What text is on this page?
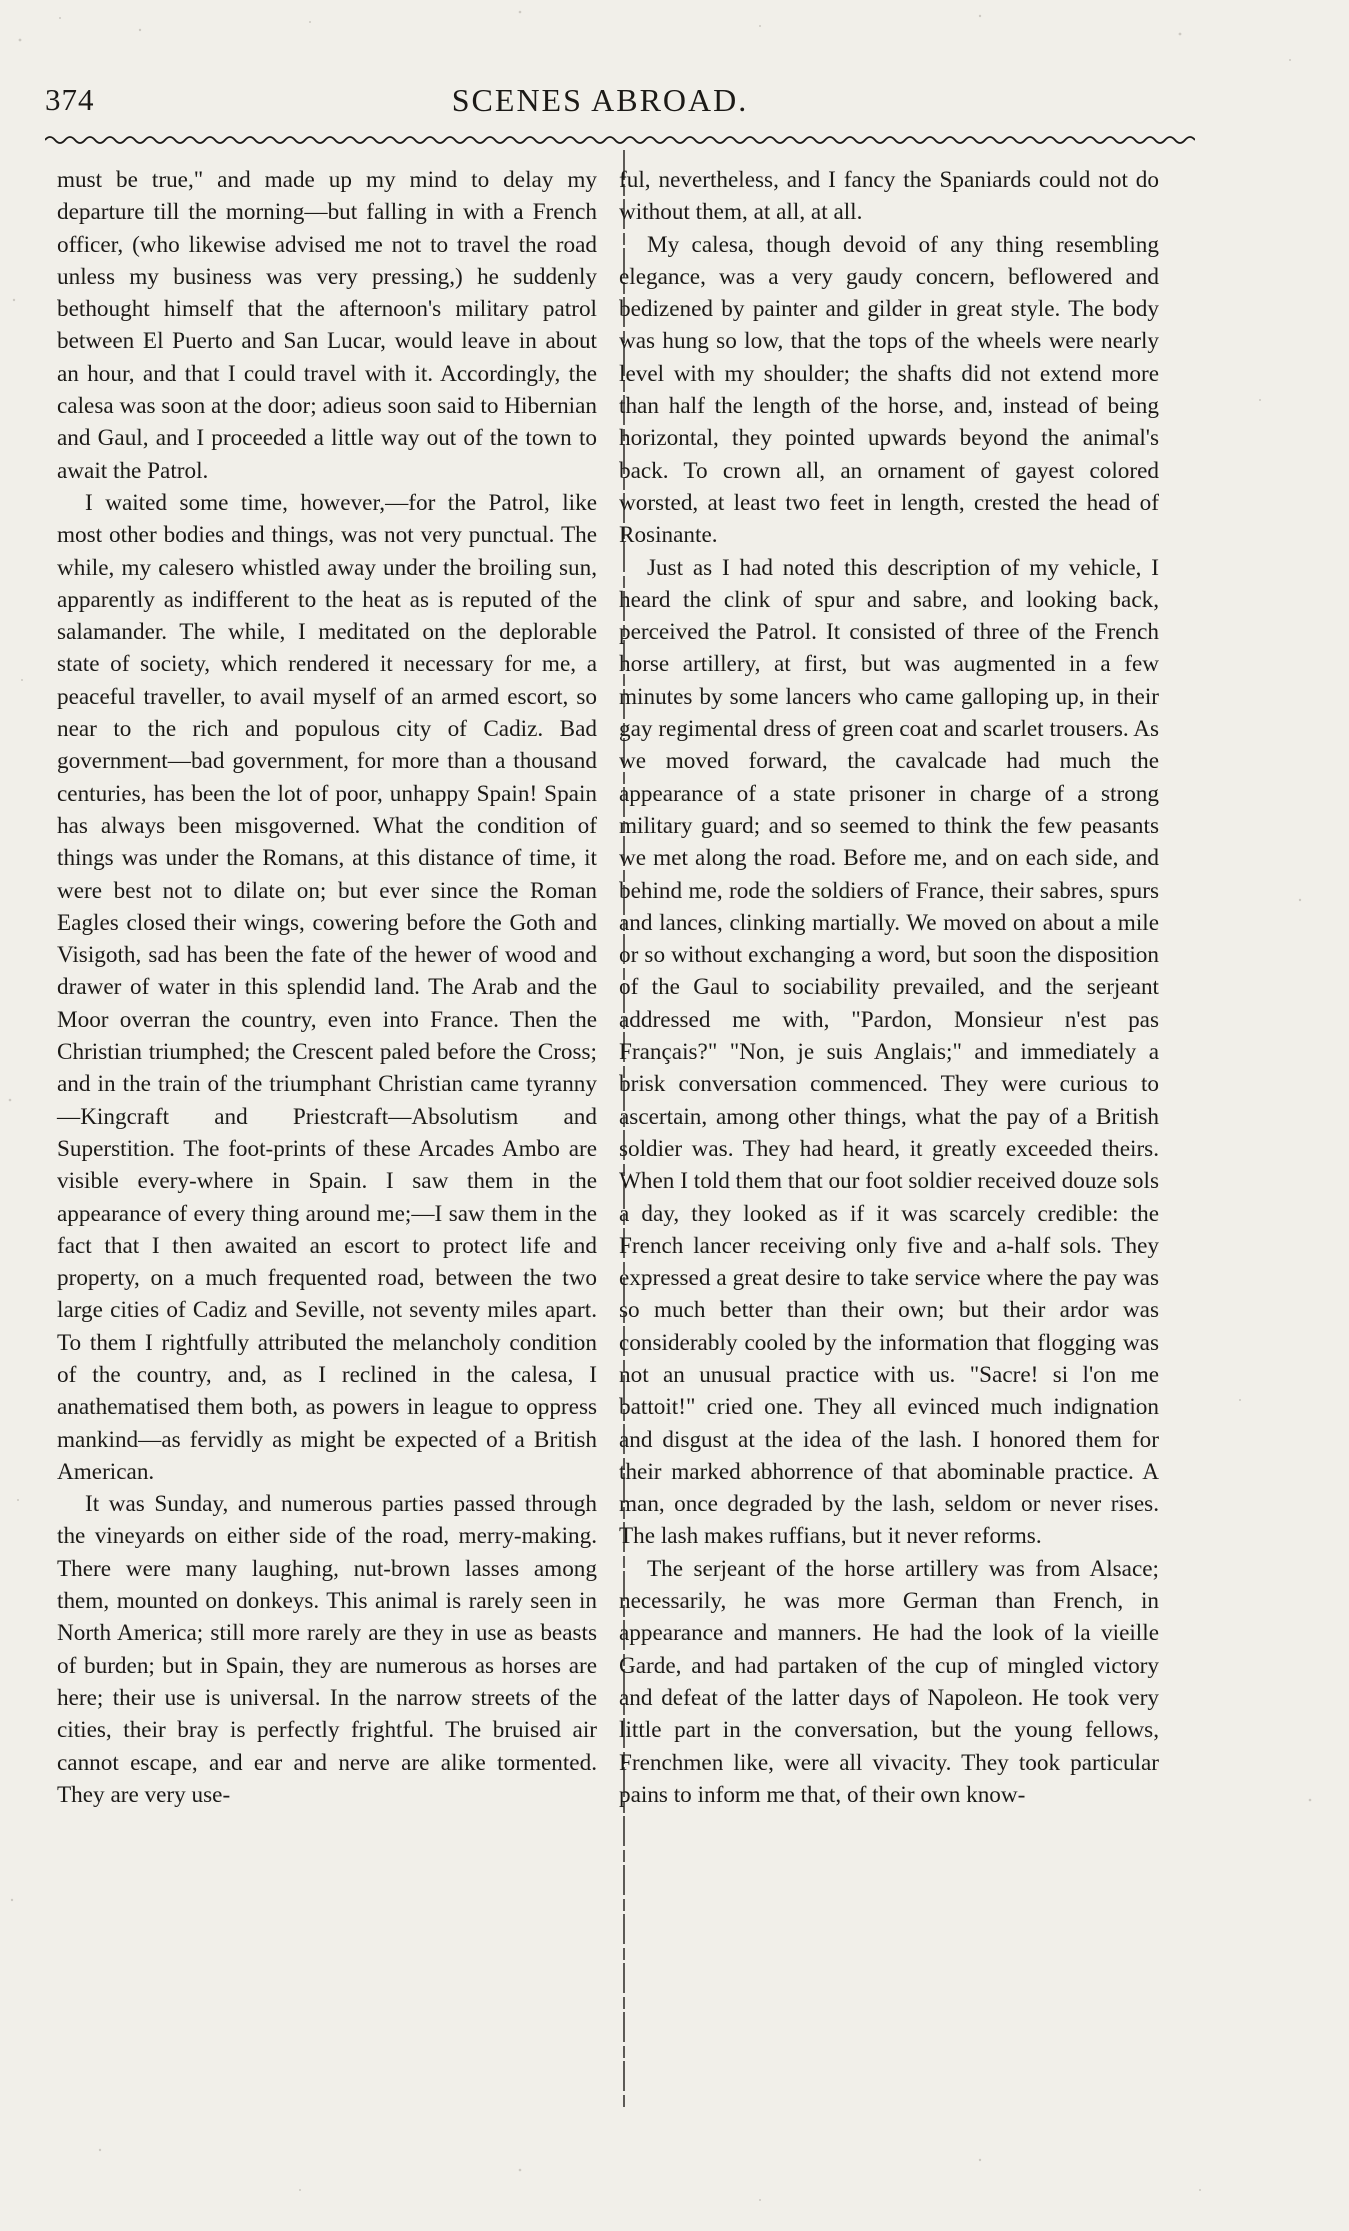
374	SCENES ABROAD.

must be true," and made up my mind to delay my departure till the morning—but falling in with a French officer, (who likewise advised me not to travel the road unless my business was very pressing,) he suddenly bethought himself that the afternoon's military patrol between El Puerto and San Lucar, would leave in about an hour, and that I could travel with it. Accordingly, the calesa was soon at the door; adieus soon said to Hibernian and Gaul, and I proceeded a little way out of the town to await the Patrol.

I waited some time, however,—for the Patrol, like most other bodies and things, was not very punctual. The while, my calesero whistled away under the broiling sun, apparently as indifferent to the heat as is reputed of the salamander. The while, I meditated on the deplorable state of society, which rendered it necessary for me, a peaceful traveller, to avail myself of an armed escort, so near to the rich and populous city of Cadiz. Bad government—bad government, for more than a thousand centuries, has been the lot of poor, unhappy Spain! Spain has always been misgoverned. What the condition of things was under the Romans, at this distance of time, it were best not to dilate on; but ever since the Roman Eagles closed their wings, cowering before the Goth and Visigoth, sad has been the fate of the hewer of wood and drawer of water in this splendid land. The Arab and the Moor overran the country, even into France. Then the Christian triumphed; the Crescent paled before the Cross; and in the train of the triumphant Christian came tyranny—Kingcraft and Priestcraft—Absolutism and Superstition. The foot-prints of these Arcades Ambo are visible every-where in Spain. I saw them in the appearance of every thing around me;—I saw them in the fact that I then awaited an escort to protect life and property, on a much frequented road, between the two large cities of Cadiz and Seville, not seventy miles apart. To them I rightfully attributed the melancholy condition of the country, and, as I reclined in the calesa, I anathematised them both, as powers in league to oppress mankind—as fervidly as might be expected of a British American.

It was Sunday, and numerous parties passed through the vineyards on either side of the road, merry-making. There were many laughing, nut-brown lasses among them, mounted on donkeys. This animal is rarely seen in North America; still more rarely are they in use as beasts of burden; but in Spain, they are numerous as horses are here; their use is universal. In the narrow streets of the cities, their bray is perfectly frightful. The bruised air cannot escape, and ear and nerve are alike tormented. They are very use-

ful, nevertheless, and I fancy the Spaniards could not do without them, at all, at all.

My calesa, though devoid of any thing resembling elegance, was a very gaudy concern, beflowered and bedizened by painter and gilder in great style. The body was hung so low, that the tops of the wheels were nearly level with my shoulder; the shafts did not extend more than half the length of the horse, and, instead of being horizontal, they pointed upwards beyond the animal's back. To crown all, an ornament of gayest colored worsted, at least two feet in length, crested the head of Rosinante.

Just as I had noted this description of my vehicle, I heard the clink of spur and sabre, and looking back, perceived the Patrol. It consisted of three of the French horse artillery, at first, but was augmented in a few minutes by some lancers who came galloping up, in their gay regimental dress of green coat and scarlet trousers. As we moved forward, the cavalcade had much the appearance of a state prisoner in charge of a strong military guard; and so seemed to think the few peasants we met along the road. Before me, and on each side, and behind me, rode the soldiers of France, their sabres, spurs and lances, clinking martially. We moved on about a mile or so without exchanging a word, but soon the disposition of the Gaul to sociability prevailed, and the serjeant addressed me with, "Pardon, Monsieur n'est pas Français?" "Non, je suis Anglais;" and immediately a brisk conversation commenced. They were curious to ascertain, among other things, what the pay of a British soldier was. They had heard, it greatly exceeded theirs. When I told them that our foot soldier received douze sols a day, they looked as if it was scarcely credible: the French lancer receiving only five and a-half sols. They expressed a great desire to take service where the pay was so much better than their own; but their ardor was considerably cooled by the information that flogging was not an unusual practice with us. "Sacre! si l'on me battoit!" cried one. They all evinced much indignation and disgust at the idea of the lash. I honored them for their marked abhorrence of that abominable practice. A man, once degraded by the lash, seldom or never rises. The lash makes ruffians, but it never reforms.

The serjeant of the horse artillery was from Alsace; necessarily, he was more German than French, in appearance and manners. He had the look of la vieille Garde, and had partaken of the cup of mingled victory and defeat of the latter days of Napoleon. He took very little part in the conversation, but the young fellows, Frenchmen like, were all vivacity. They took particular pains to inform me that, of their own know-
